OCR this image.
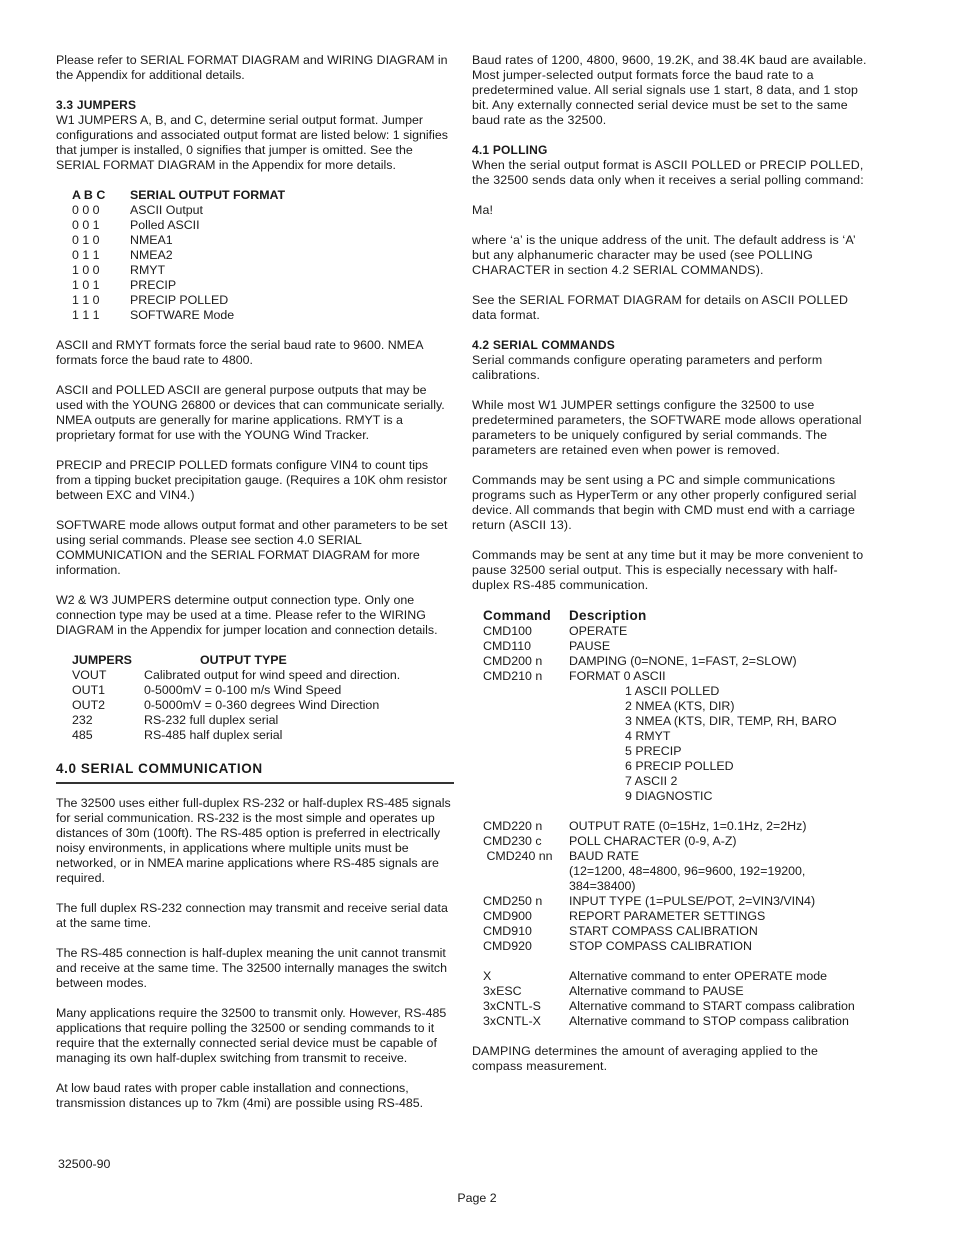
Please refer to SERIAL FORMAT DIAGRAM and WIRING DIAGRAM in the Appendix for additional details.

3.3 JUMPERS

W1 JUMPERS A, B, and C, determine serial output format. Jumper configurations and associated output format are listed below: 1 signifies that jumper is installed, 0 signifies that jumper is omitted. See the SERIAL FORMAT DIAGRAM in the Appendix for more details.

A B C	SERIAL OUTPUT FORMAT
0 0 0	ASCII Output
0 0 1	Polled ASCII
0 1 0	NMEA1
0 1 1	NMEA2
1 0 0	RMYT
1 0 1	PRECIP
1 1 0	PRECIP POLLED
1 1 1	SOFTWARE Mode

ASCII and RMYT formats force the serial baud rate to 9600. NMEA formats force the baud rate to 4800.

ASCII and POLLED ASCII are general purpose outputs that may be used with the YOUNG 26800 or devices that can communicate serially. NMEA outputs are generally for marine applications. RMYT is a proprietary format for use with the YOUNG Wind Tracker.

PRECIP and PRECIP POLLED formats configure VIN4 to count tips from a tipping bucket precipitation gauge. (Requires a 10K ohm resistor between EXC and VIN4.)

SOFTWARE mode allows output format and other parameters to be set using serial commands. Please see section 4.0 SERIAL COMMUNICATION and the SERIAL FORMAT DIAGRAM for more information.

W2 & W3 JUMPERS determine output connection type. Only one connection type may be used at a time. Please refer to the WIRING DIAGRAM in the Appendix for jumper location and connection details.

JUMPERS	OUTPUT TYPE
VOUT	Calibrated output for wind speed and direction.
OUT1	0-5000mV = 0-100 m/s Wind Speed
OUT2	0-5000mV = 0-360 degrees Wind Direction
232	RS-232 full duplex serial
485	RS-485 half duplex serial
4.0 SERIAL COMMUNICATION

The 32500 uses either full-duplex RS-232 or half-duplex RS-485 signals for serial communication. RS-232 is the most simple and operates up distances of 30m (100ft). The RS-485 option is preferred in electrically noisy environments, in applications where multiple units must be networked, or in NMEA marine applications where RS-485 signals are required.

The full duplex RS-232 connection may transmit and receive serial data at the same time.

The RS-485 connection is half-duplex meaning the unit cannot transmit and receive at the same time. The 32500 internally manages the switch between modes.

Many applications require the 32500 to transmit only. However, RS-485 applications that require polling the 32500 or sending commands to it require that the externally connected serial device must be capable of managing its own half-duplex switching from transmit to receive.

At low baud rates with proper cable installation and connections, transmission distances up to 7km (4mi) are possible using RS-485.

Baud rates of 1200, 4800, 9600, 19.2K, and 38.4K baud are available. Most jumper-selected output formats force the baud rate to a predetermined value. All serial signals use 1 start, 8 data, and 1 stop bit. Any externally connected serial device must be set to the same baud rate as the 32500.

4.1 POLLING

When the serial output format is ASCII POLLED or PRECIP POLLED, the 32500 sends data only when it receives a serial polling command:

Ma!

where ‘a’ is the unique address of the unit. The default address is ‘A’ but any alphanumeric character may be used (see POLLING CHARACTER in section 4.2 SERIAL COMMANDS).

See the SERIAL FORMAT DIAGRAM for details on ASCII POLLED data format.

4.2 SERIAL COMMANDS

Serial commands configure operating parameters and perform calibrations.

While most W1 JUMPER settings configure the 32500 to use predetermined parameters, the SOFTWARE mode allows operational parameters to be uniquely configured by serial commands. The parameters are retained even when power is removed.

Commands may be sent using a PC and simple communications programs such as HyperTerm or any other properly configured serial device. All commands that begin with CMD must end with a carriage return (ASCII 13).

Commands may be sent at any time but it may be more convenient to pause 32500 serial output. This is especially necessary with half-duplex RS-485 communication.

Command	Description
CMD100	OPERATE
CMD110	PAUSE
CMD200 n	DAMPING (0=NONE, 1=FAST, 2=SLOW)
CMD210 n	FORMAT 0 ASCII
1 ASCII POLLED
2 NMEA (KTS, DIR)
3 NMEA (KTS, DIR, TEMP, RH, BARO
4 RMYT
5 PRECIP
6 PRECIP POLLED
7 ASCII 2
9 DIAGNOSTIC
CMD220 n	OUTPUT RATE (0=15Hz, 1=0.1Hz, 2=2Hz)
CMD230 c	POLL CHARACTER (0-9, A-Z)
CMD240 nn	BAUD RATE
(12=1200, 48=4800, 96=9600, 192=19200, 384=38400)
CMD250 n	INPUT TYPE (1=PULSE/POT, 2=VIN3/VIN4)
CMD900	REPORT PARAMETER SETTINGS
CMD910	START COMPASS CALIBRATION
CMD920	STOP COMPASS CALIBRATION
X	Alternative command to enter OPERATE mode
3xESC	Alternative command to PAUSE
3xCNTL-S	Alternative command to START compass calibration
3xCNTL-X	Alternative command to STOP compass calibration

DAMPING determines the amount of averaging applied to the compass measurement.

32500-90
Page 2
